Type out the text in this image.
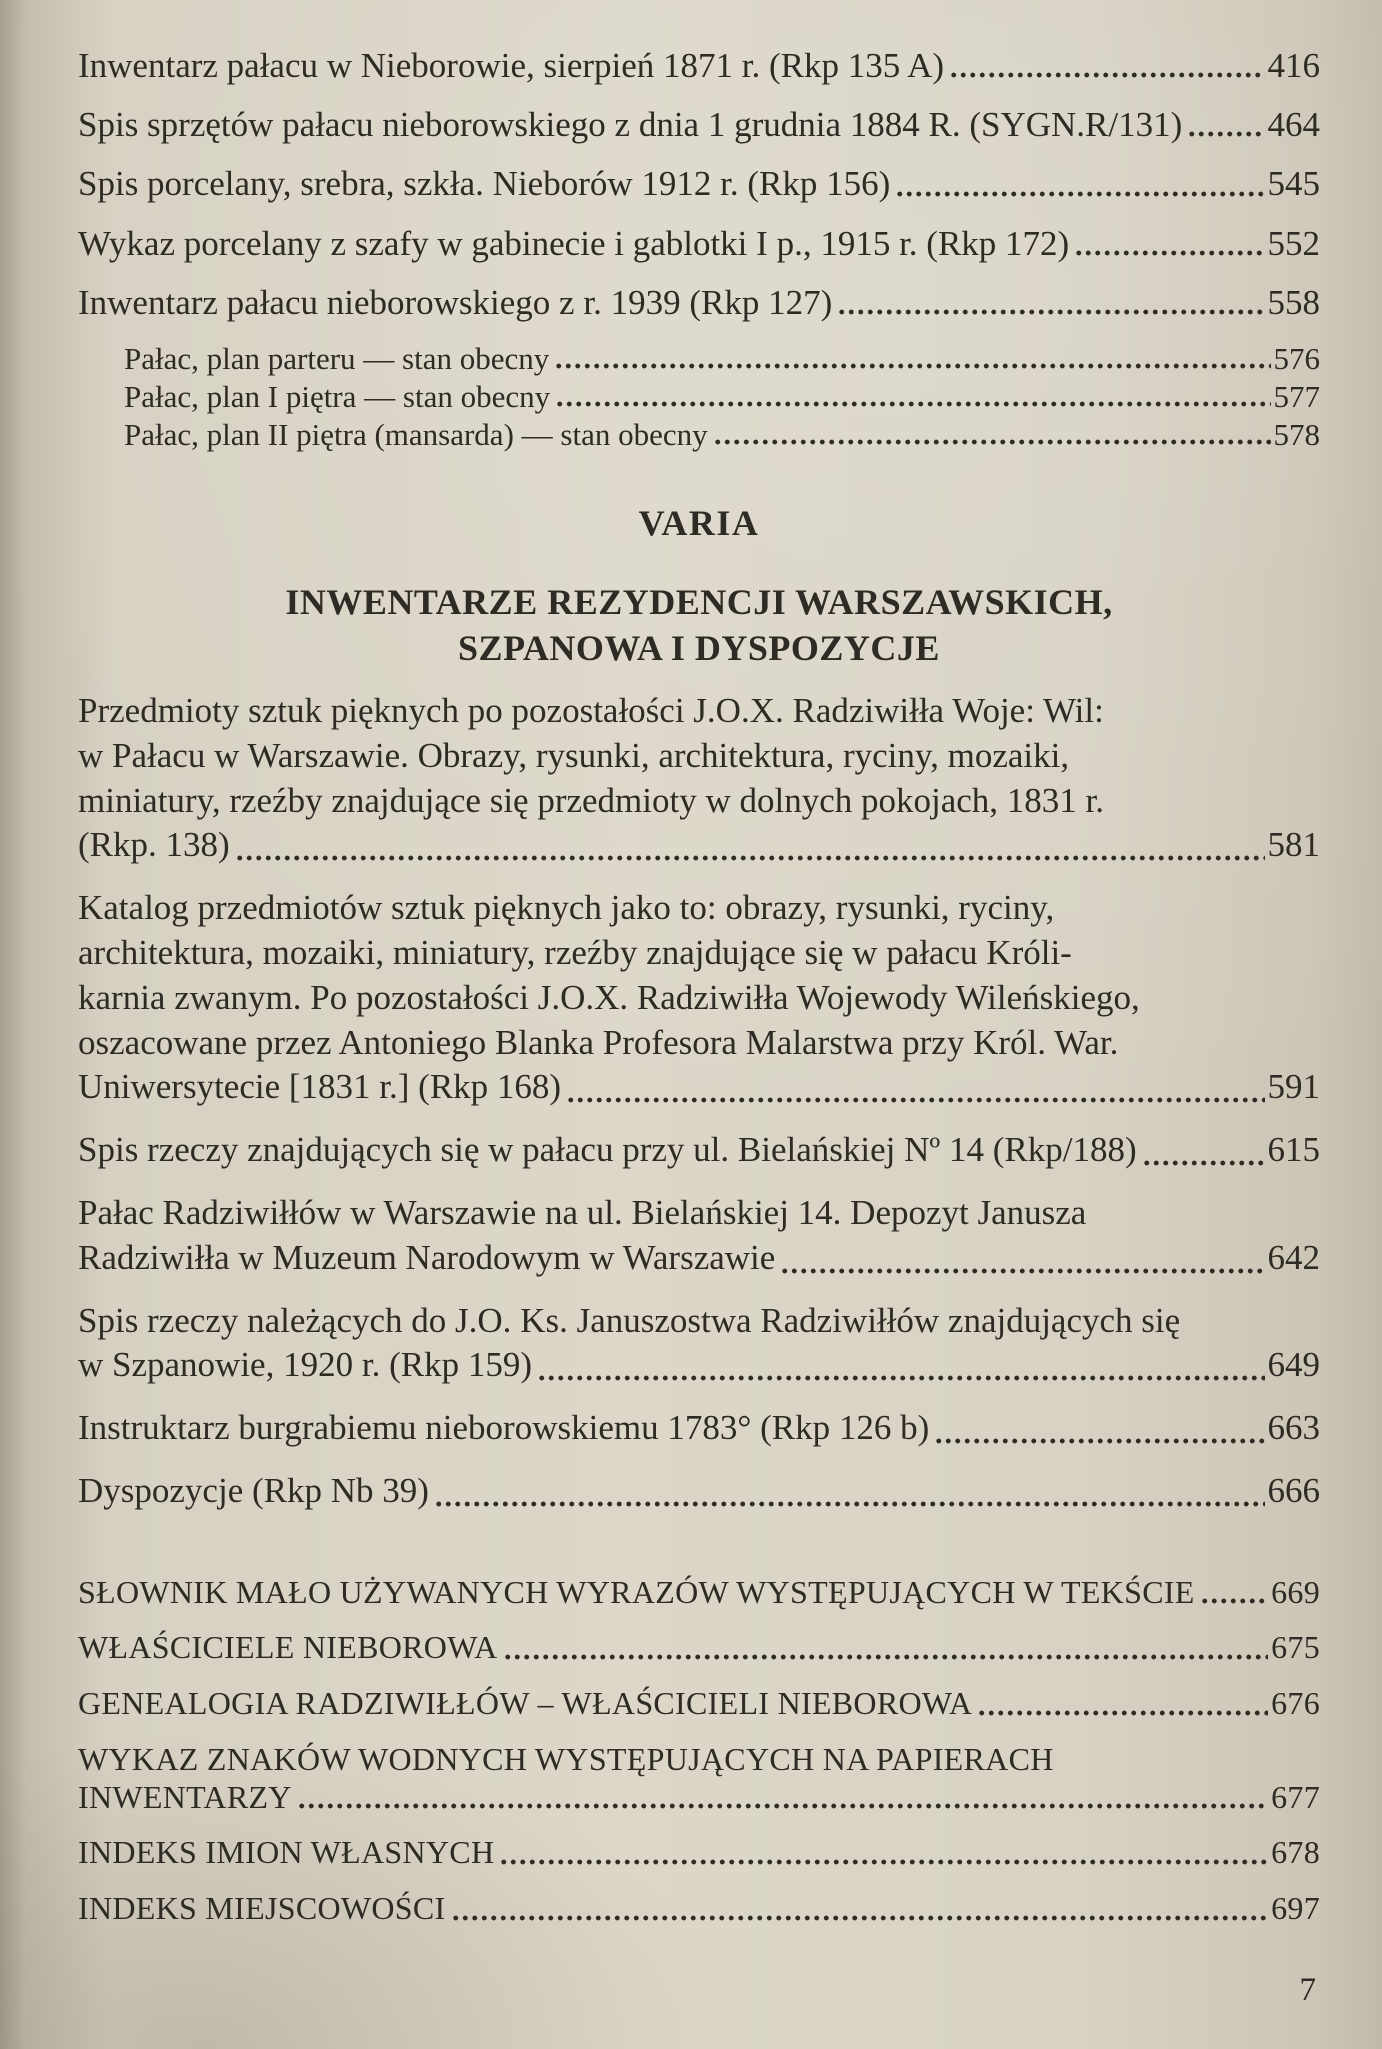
Inwentarz pałacu w Nieborowie, sierpień 1871 r. (Rkp 135 A)	416
Spis sprzętów pałacu nieborowskiego z dnia 1 grudnia 1884 R. (SYGN.R/131) 464
Spis porcelany, srebra, szkła. Nieborów 1912 r. (Rkp 156)	545
Wykaz porcelany z szafy w gabinecie i gablotki I p., 1915 r. (Rkp 172)	552
Inwentarz pałacu nieborowskiego z r. 1939 (Rkp 127)	558
Pałac, plan parteru — stan obecny	576
Pałac, plan I piętra — stan obecny	577
Pałac, plan II piętra (mansarda) — stan obecny	578
VARIA
INWENTARZE REZYDENCJI WARSZAWSKICH,
SZPANOWA I DYSPOZYCJE
Przedmioty sztuk pięknych po pozostałości J.O.X. Radziwiłła Woje: Wil:
w Pałacu w Warszawie. Obrazy, rysunki, architektura, ryciny, mozaiki,
miniatury, rzeźby znajdujące się przedmioty w dolnych pokojach, 1831 r.
(Rkp. 138)	581
Katalog przedmiotów sztuk pięknych jako to: obrazy, rysunki, ryciny,
architektura, mozaiki, miniatury, rzeźby znajdujące się w pałacu Króli-
karnia zwanym. Po pozostałości J.O.X. Radziwiłła Wojewody Wileńskiego,
oszacowane przez Antoniego Blanka Profesora Malarstwa przy Król. War.
Uniwersytecie [1831 r.] (Rkp 168)	591
Spis rzeczy znajdujących się w pałacu przy ul. Bielańskiej Nº 14 (Rkp/188)	615
Pałac Radziwiłłów w Warszawie na ul. Bielańskiej 14. Depozyt Janusza
Radziwiłła w Muzeum Narodowym w Warszawie	642
Spis rzeczy należących do J.O. Ks. Januszostwa Radziwiłłów znajdujących się
w Szpanowie, 1920 r. (Rkp 159)	649
Instruktarz burgrabiemu nieborowskiemu 1783° (Rkp 126 b)	663
Dyspozycje (Rkp Nb 39)	666
SŁOWNIK MAŁO UŻYWANYCH WYRAZÓW WYSTĘPUJĄCYCH W TEKŚCIE 669
WŁAŚCICIELE NIEBOROWA	675
GENEALOGIA RADZIWIŁŁÓW – WŁAŚCICIELI NIEBOROWA	676
WYKAZ ZNAKÓW WODNYCH WYSTĘPUJĄCYCH NA PAPIERACH
INWENTARZY	677
INDEKS IMION WŁASNYCH	678
INDEKS MIEJSCOWOŚCI	697
7
